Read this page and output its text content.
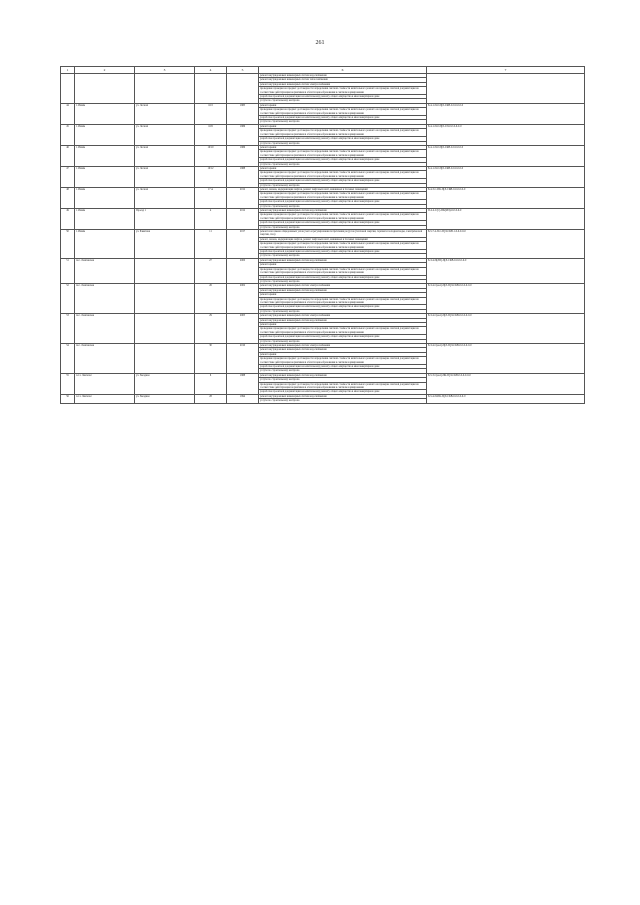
261
1	2	3	4	5	6	7
					ремонт внутридомовых инженерных систем водоснабжения	
					ремонт внутридомовых инженерных систем теплоснабжения	
					ремонт внутридомовых инженерных систем электроснабжения	
					проведение проверки на предмет достоверности определения сметной стоимости капитального ремонта на проверке сметной документации на соответствие действующим нормативам в области ценообразования в сметном нормировании	
					разработка проектной документации на капитальному ремонту общего имущества в многоквартирном доме	
					услуги по строительному контролю	
44	г. Ишим	ул. Лесной	10/2	1985	ремонт крыши	Б-4-1-П-0-П[Л-СКВ-0-0-0-0-0-0
					проведение проверки на предмет достоверности определения сметной стоимости капитального ремонта на проверке сметной документации на соответствие действующим нормативам в области ценообразования в сметном нормировании	
					разработка проектной документации на капитальному ремонту общего имущества в многоквартирном доме	
					услуги по строительному контролю	
45	г. Ишим	ул. Лесной	10/6	1986	ремонт крыши	Б-4-1-П-0-П[Л-СП-0-0-0-0-0-0
					проведение проверки на предмет достоверности определения сметной стоимости капитального ремонта на проверке сметной документации на соответствие действующим нормативам в области ценообразования в сметном нормировании	
					разработка проектной документации на капитальному ремонту общего имущества в многоквартирном доме	
					услуги по строительному контролю	
46	г. Ишим	ул. Лесной	10/10	1986	ремонт крыши	Б-4-1-П-0-П[Л-СКВ-0-0-0-0-0-0
					проведение проверки на предмет достоверности определения сметной стоимости капитального ремонта на проверке сметной документации на соответствие действующим нормативам в области ценообразования в сметном нормировании	
					разработка проектной документации на капитальному ремонту общего имущества в многоквартирном доме	
					услуги по строительному контролю	
47	г. Ишим	ул. Лесной	10/12	1988	ремонт крыши	Б-4-1-П-0-П[Л-СКВ-0-0-0-0-0-0
					проведение проверки на предмет достоверности определения сметной стоимости капитального ремонта на проверке сметной документации на соответствие действующим нормативам в области ценообразования в сметном нормировании	
					разработка проектной документации на капитальному ремонту общего имущества в многоквартирном доме	
					услуги по строительному контролю	
48	г. Ишим	ул. Лесной	17 А	2012	ремонт, замена, модернизация лифтов, ремонт лифтовых шахт, машинных и блочных помещений	Б-4-3-С-ПК-П[Л-СКВ-0-0-0-0-0-0
					проведение проверки на предмет достоверности определения сметной стоимости капитального ремонта на проверке сметной документации на соответствие действующим нормативам в области ценообразования в сметном нормировании	
					разработка проектной документации на капитальному ремонту общего имущества в многоквартирном доме	
					услуги по строительному контролю	
49	г. Ишим	Проезд 1	4	2012	ремонт внутридомовых инженерных систем водоснабжения	П-2-2-С(С)-ПК(МЛ)-0-0-0-0-0
					проведение проверки на предмет достоверности определения сметной стоимости капитального ремонта на проверке сметной документации на соответствие действующим нормативам в области ценообразования в сметном нормировании	
					разработка проектной документации на капитальному ремонту общего имущества в многоквартирном доме	
					услуги по строительному контролю	
50	г. Ишим	ул. Ракитная	11	2017	ремонт или замена общедомовых узлов учета и регулирования потребления ресурсов (тепловой энергии, горячей и холодной воды, электрической энергии, газа)	Б-5-7-4-П-С-П[Л-СКВ-1-0-0-0-0-0
					ремонт, замена, модернизация лифтов, ремонт лифтовых шахт, машинных и блочных помещений	
					проведение проверки на предмет достоверности определения сметной стоимости капитального ремонта на проверке сметной документации на соответствие действующим нормативам в области ценообразования в сметном нормировании	
					разработка проектной документации на капитальному ремонту общего имущества в многоквартирном доме	
					услуги по строительному контролю	
51	пос. Ловгинская		27	2000	ремонт внутридомовых инженерных систем водоснабжения	Б-3-4-П(ЛП)-П[Л-СКВ-0-0-0-0-0-0
					ремонт крыши	
					проведение проверки на предмет достоверности определения сметной стоимости капитального ремонта на проверке сметной документации на соответствие действующим нормативам в области ценообразования в сметном нормировании	
					разработка проектной документации на капитальному ремонту общего имущества в многоквартирном доме	
					услуги по строительному контролю	
52	пос. Ловгинская		26	2002	ремонт внутридомовых инженерных систем электроснабжения	Б-3-4-С(кол)-П[Л-П[Л-СКВ-0-0-0-0-0-0
					ремонт внутридомовых инженерных систем водоснабжения	
					ремонт крыши	
					проведение проверки на предмет достоверности определения сметной стоимости капитального ремонта на проверке сметной документации на соответствие действующим нормативам в области ценообразования в сметном нормировании	
					разработка проектной документации на капитальному ремонту общего имущества в многоквартирном доме	
					услуги по строительному контролю	
53	пос. Ловгинская		29	2005	ремонт внутридомовых инженерных систем электроснабжения	Б-3-4-С(кол)-П[Л-П[Л-СКВ-0-0-0-0-0-0
					ремонт внутридомовых инженерных систем водоснабжения	
					ремонт крыши	
					проведение проверки на предмет достоверности определения сметной стоимости капитального ремонта на проверке сметной документации на соответствие действующим нормативам в области ценообразования в сметном нормировании	
					разработка проектной документации на капитальному ремонту общего имущества в многоквартирном доме	
					услуги по строительному контролю	
54	пос. Ловгинская		30	2010	ремонт внутридомовых инженерных систем электроснабжения	Б-3-4-С(кол)-П[Л-П[Л-СКВ-0-0-0-0-0-0
					ремонт внутридомовых инженерных систем водоснабжения	
					ремонт крыши	
					проведение проверки на предмет достоверности определения сметной стоимости капитального ремонта на проверке сметной документации на соответствие действующим нормативам в области ценообразования в сметном нормировании	
					разработка проектной документации на капитальному ремонту общего имущества в многоквартирном доме	
					услуги по строительному контролю	
55	п.г.т. Лангепас	ул. Звездная	6	1988	ремонт внутридомовых инженерных систем водоснабжения	Б-5-3-С(кол)-ПК-П[Л-СКВ-0-0-0-0-0-0
					услуги по строительному контролю	
					проведение проверки на предмет достоверности определения сметной стоимости капитального ремонта на проверке сметной документации на соответствие действующим нормативам в области ценообразования в сметном нормировании	
					разработка проектной документации на капитальному ремонту общего имущества в многоквартирном доме	
56	п.г.т. Лангепас	ул. Звездная	28	1994	ремонт внутридомовых инженерных систем водоснабжения	Б-5-4-П-ПК-П[Л-СКВ-0-0-0-0-0-0
					услуги по строительному контролю	
